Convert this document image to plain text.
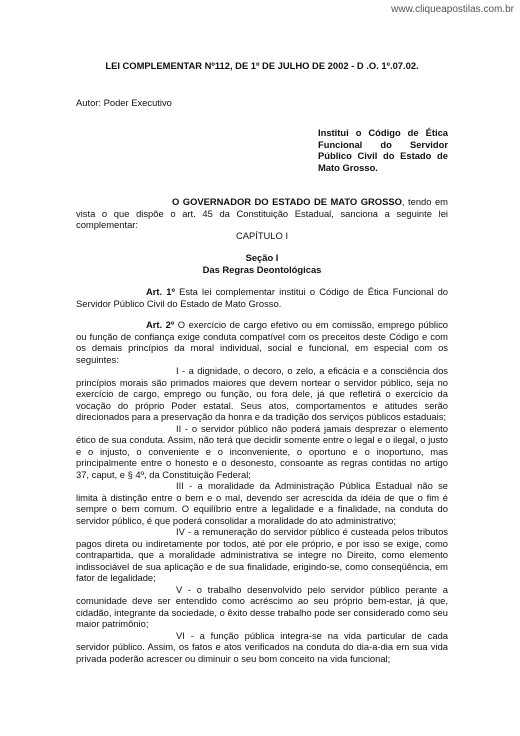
www.cliqueapostilas.com.br
LEI COMPLEMENTAR Nº112, DE 1º DE JULHO DE 2002 - D .O. 1º.07.02.
Autor: Poder Executivo
Institui o Código de Ética Funcional do Servidor Público Civil do Estado de Mato Grosso.
O GOVERNADOR DO ESTADO DE MATO GROSSO, tendo em vista o que dispõe o art. 45 da Constituição Estadual, sanciona a seguinte lei complementar:
CAPÍTULO I
Seção I
Das Regras Deontológicas

Art. 1º Esta lei complementar institui o Código de Ética Funcional do Servidor Público Civil do Estado de Mato Grosso.

Art. 2º O exercício de cargo efetivo ou em comissão, emprego público ou função de confiança exige conduta compatível com os preceitos deste Código e com os demais princípios da moral individual, social e funcional, em especial com os seguintes:

I - a dignidade, o decoro, o zelo, a eficácia e a consciência dos princípios morais são primados maiores que devem nortear o servidor público, seja no exercício de cargo, emprego ou função, ou fora dele, já que refletirá o exercício da vocação do próprio Poder estatal. Seus atos, comportamentos e atitudes serão direcionados para a preservação da honra e da tradição dos serviços públicos estaduais;

II - o servidor público não poderá jamais desprezar o elemento ético de sua conduta. Assim, não terá que decidir somente entre o legal e o ilegal, o justo e o injusto, o conveniente e o inconveniente, o oportuno e o inoportuno, mas principalmente entre o honesto e o desonesto, consoante as regras contidas no artigo 37, caput, e § 4º, da Constituição Federal;

III - a moralidade da Administração Pública Estadual não se limita à distinção entre o bem e o mal, devendo ser acrescida da idéia de que o fim é sempre o bem comum. O equilíbrio entre a legalidade e a finalidade, na conduta do servidor público, é que poderá consolidar a moralidade do ato administrativo;

IV - a remuneração do servidor público é custeada pelos tributos pagos direta ou indiretamente por todos, até por ele próprio, e por isso se exige, como contrapartida, que a moralidade administrativa se integre no Direito, como elemento indissociável de sua aplicação e de sua finalidade, erigindo-se, como conseqüência, em fator de legalidade;

V - o trabalho desenvolvido pelo servidor público perante a comunidade deve ser entendido como acréscimo ao seu próprio bem-estar, já que, cidadão, integrante da sociedade, o êxito desse trabalho pode ser considerado como seu maior patrimônio;

VI - a função pública integra-se na vida particular de cada servidor público. Assim, os fatos e atos verificados na conduta do dia-a-dia em sua vida privada poderão acrescer ou diminuir o seu bom conceito na vida funcional;
